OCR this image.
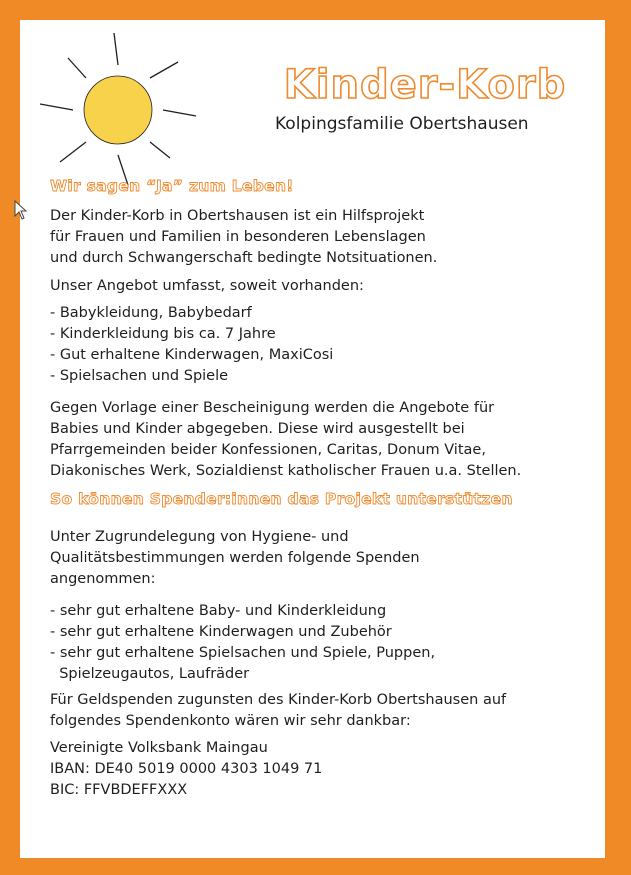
Kinder-Korb
Kolpingsfamilie Obertshausen
Wir sagen “Ja” zum Leben!
Der Kinder-Korb in Obertshausen ist ein Hilfsprojekt
für Frauen und Familien in besonderen Lebenslagen
und durch Schwangerschaft bedingte Notsituationen.
Unser Angebot umfasst, soweit vorhanden:
- Babykleidung, Babybedarf
- Kinderkleidung bis ca. 7 Jahre
- Gut erhaltene Kinderwagen, MaxiCosi
- Spielsachen und Spiele
Gegen Vorlage einer Bescheinigung werden die Angebote für
Babies und Kinder abgegeben. Diese wird ausgestellt bei
Pfarrgemeinden beider Konfessionen, Caritas, Donum Vitae,
Diakonisches Werk, Sozialdienst katholischer Frauen u.a. Stellen.
So können Spender:innen das Projekt unterstützen
Unter Zugrundelegung von Hygiene- und
Qualitätsbestimmungen werden folgende Spenden
angenommen:
- sehr gut erhaltene Baby- und Kinderkleidung
- sehr gut erhaltene Kinderwagen und Zubehör
- sehr gut erhaltene Spielsachen und Spiele, Puppen,
Spielzeugautos, Laufräder
Für Geldspenden zugunsten des Kinder-Korb Obertshausen auf
folgendes Spendenkonto wären wir sehr dankbar:
Vereinigte Volksbank Maingau
IBAN: DE40 5019 0000 4303 1049 71
BIC: FFVBDEFFXXX
